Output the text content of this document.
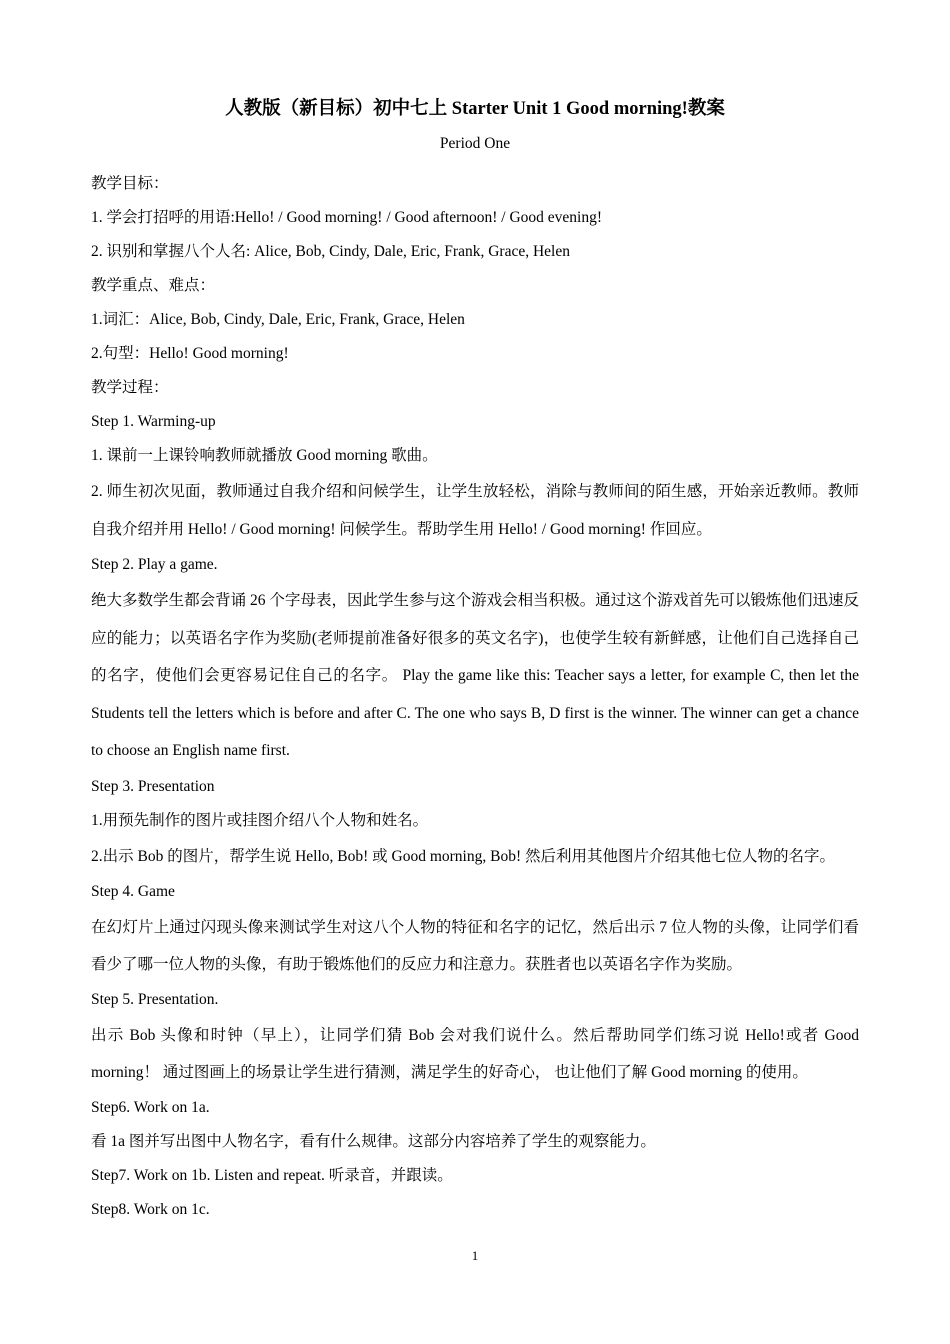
人教版（新目标）初中七上 Starter Unit 1 Good morning!教案
Period One

教学目标：

1. 学会打招呼的用语:Hello! / Good morning! / Good afternoon! / Good evening!

2. 识别和掌握八个人名: Alice, Bob, Cindy, Dale, Eric, Frank, Grace, Helen

教学重点、难点：

1.词汇：Alice, Bob, Cindy, Dale, Eric, Frank, Grace, Helen

2.句型：Hello! Good morning!

教学过程：

Step 1. Warming-up

1. 课前一上课铃响教师就播放 Good morning 歌曲。

2. 师生初次见面，教师通过自我介绍和问候学生，让学生放轻松，消除与教师间的陌生感，开始亲近教师。教师自我介绍并用 Hello! / Good morning! 问候学生。帮助学生用 Hello! / Good morning! 作回应。

Step 2. Play a game.

绝大多数学生都会背诵 26 个字母表，因此学生参与这个游戏会相当积极。通过这个游戏首先可以锻炼他们迅速反应的能力；以英语名字作为奖励(老师提前准备好很多的英文名字)，也使学生较有新鲜感，让他们自己选择自己的名字，使他们会更容易记住自己的名字。 Play the game like this: Teacher says a letter, for example C, then let the Students tell the letters which is before and after C. The one who says B, D first is the winner. The winner can get a chance to choose an English name first.

Step 3. Presentation

1.用预先制作的图片或挂图介绍八个人物和姓名。

2.出示 Bob 的图片，帮学生说 Hello, Bob! 或 Good morning, Bob! 然后利用其他图片介绍其他七位人物的名字。

Step 4. Game

在幻灯片上通过闪现头像来测试学生对这八个人物的特征和名字的记忆，然后出示 7 位人物的头像，让同学们看看少了哪一位人物的头像，有助于锻炼他们的反应力和注意力。获胜者也以英语名字作为奖励。

Step 5. Presentation.

出示 Bob 头像和时钟（早上），让同学们猜 Bob 会对我们说什么。然后帮助同学们练习说 Hello!或者 Good morning！ 通过图画上的场景让学生进行猜测，满足学生的好奇心， 也让他们了解 Good morning 的使用。

Step6. Work on 1a.

看 1a 图并写出图中人物名字，看有什么规律。这部分内容培养了学生的观察能力。

Step7. Work on 1b. Listen and repeat. 听录音，并跟读。

Step8. Work on 1c.

1
